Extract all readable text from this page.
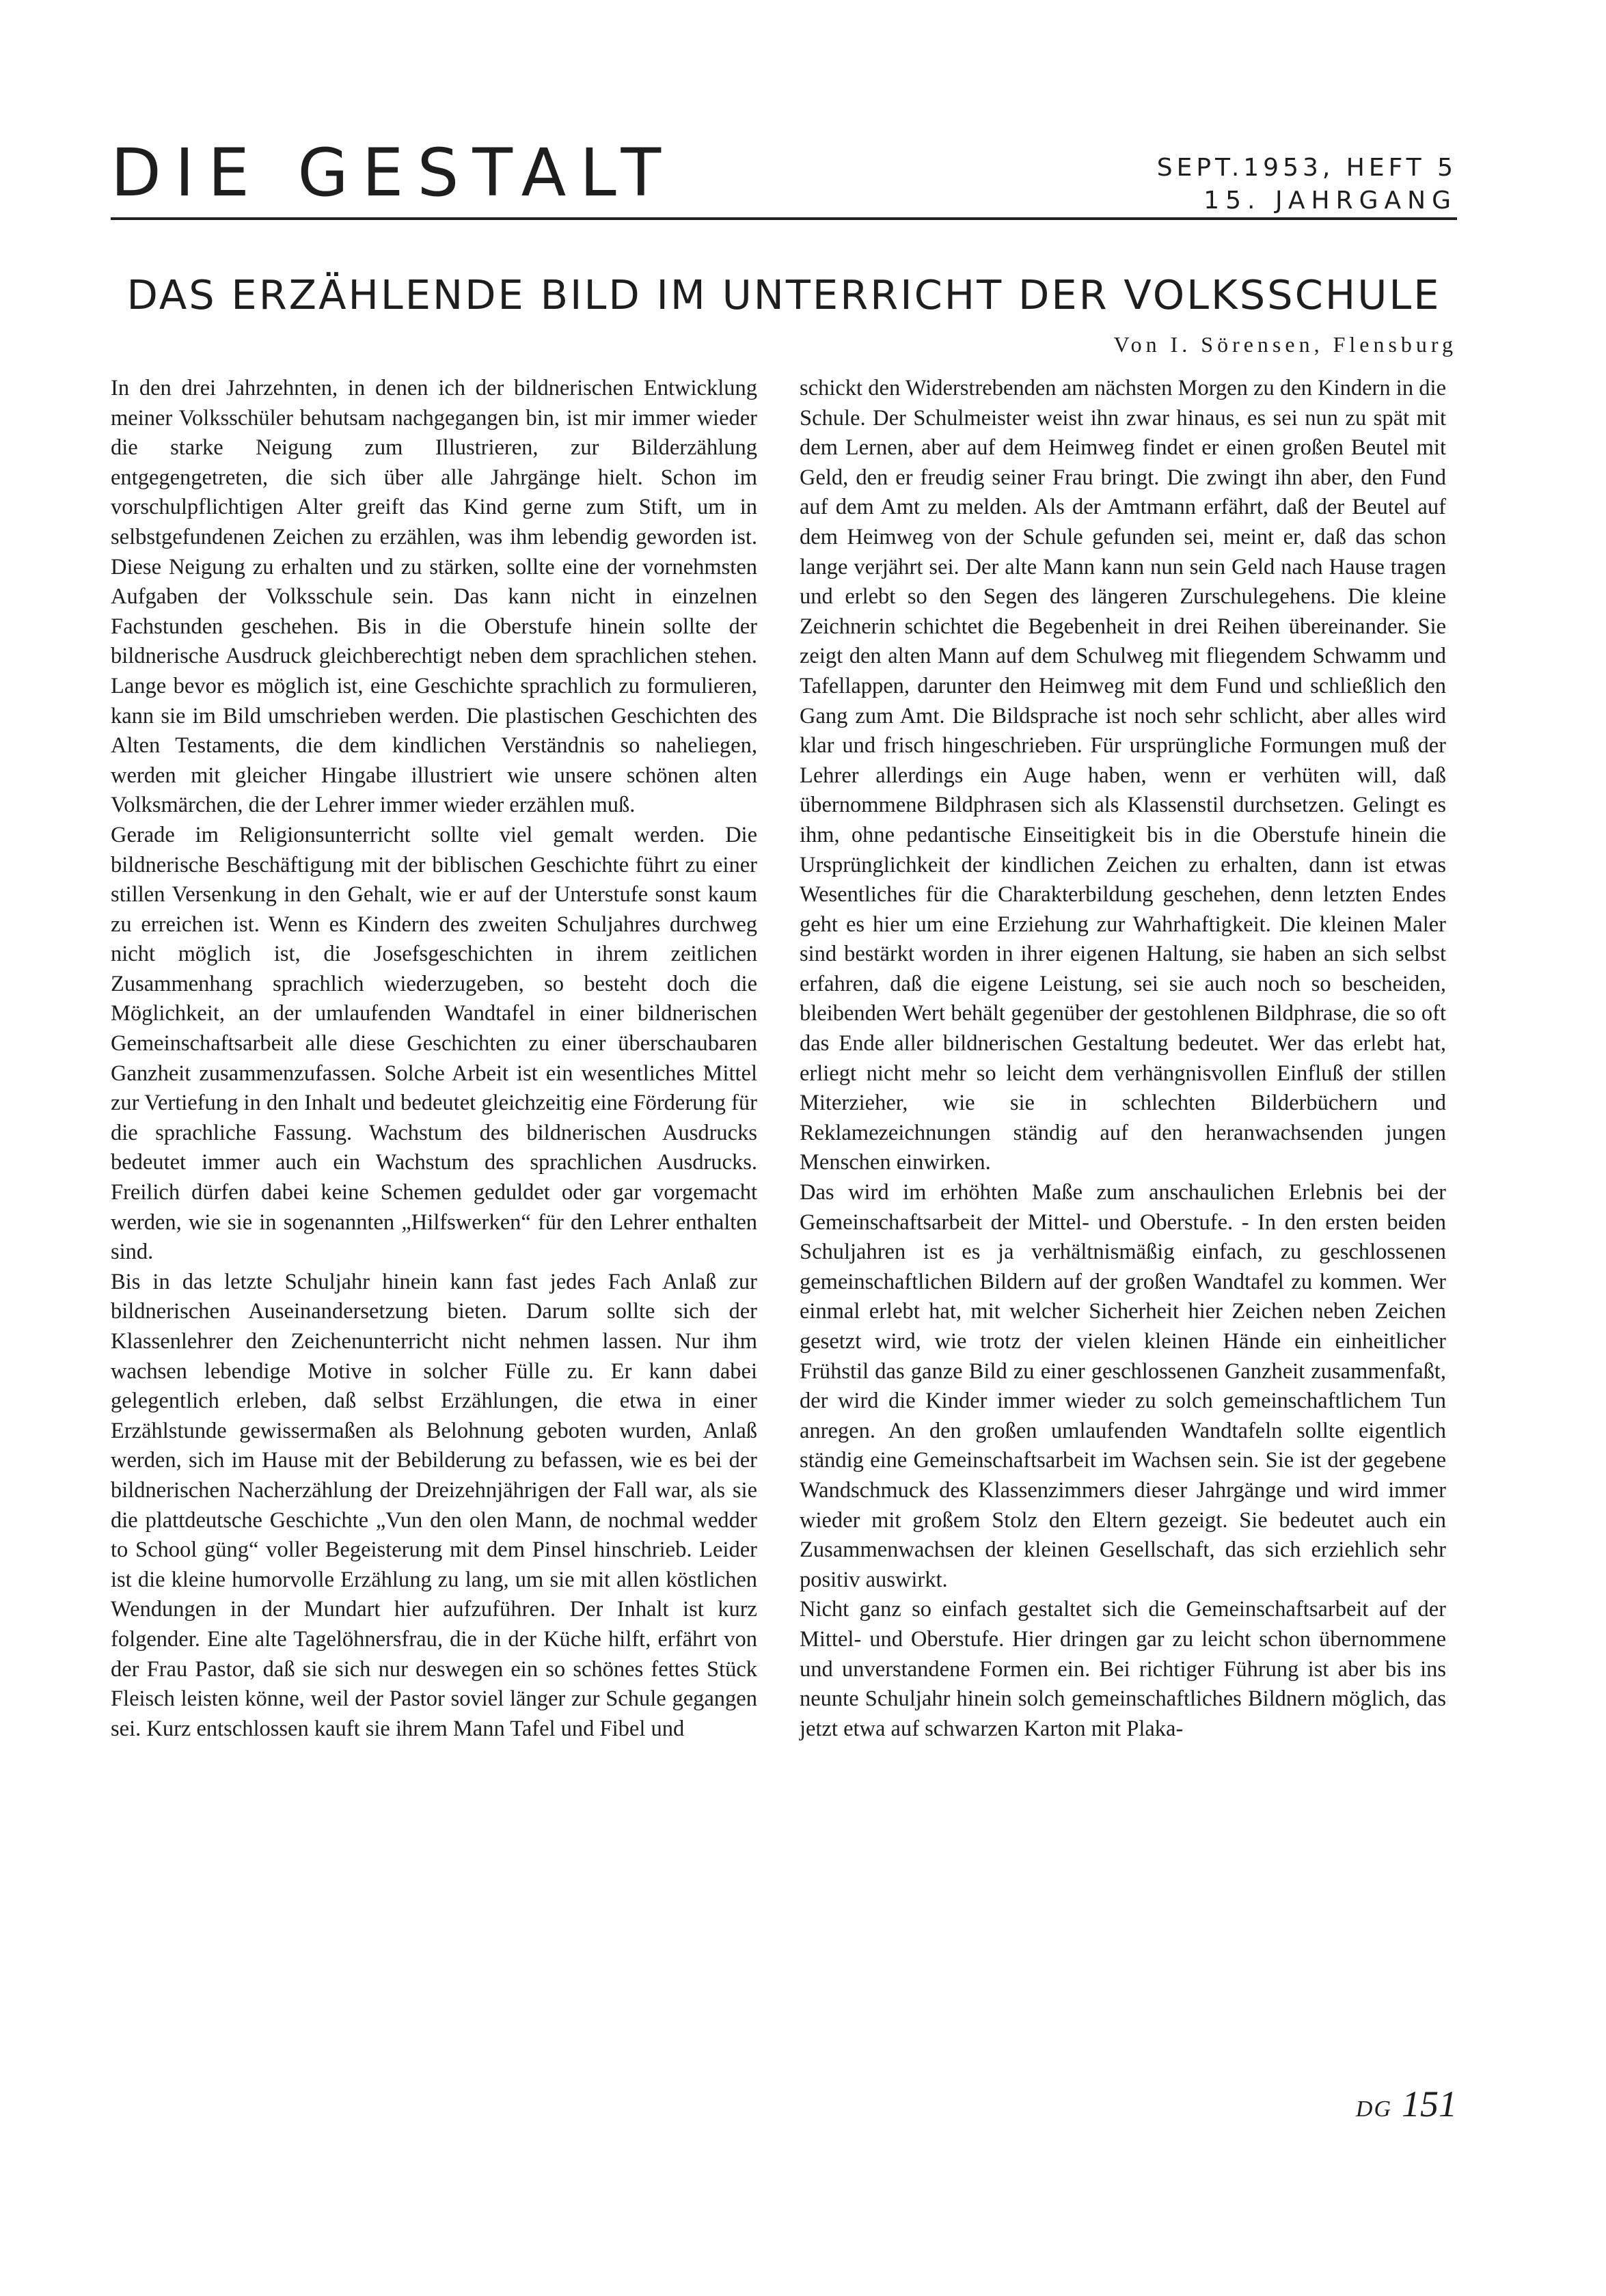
DIE GESTALT	SEPT.1953, HEFT 5
15. JAHRGANG
DAS ERZÄHLENDE BILD IM UNTERRICHT DER VOLKSSCHULE
Von I. Sörensen, Flensburg

In den drei Jahrzehnten, in denen ich der bildnerischen Entwicklung meiner Volksschüler behutsam nachgegangen bin, ist mir immer wieder die starke Neigung zum Illustrieren, zur Bilderzählung entgegengetreten, die sich über alle Jahrgänge hielt. Schon im vorschulpflichtigen Alter greift das Kind gerne zum Stift, um in selbstgefundenen Zeichen zu erzählen, was ihm lebendig geworden ist. Diese Neigung zu erhalten und zu stärken, sollte eine der vornehmsten Aufgaben der Volksschule sein. Das kann nicht in einzelnen Fachstunden geschehen. Bis in die Oberstufe hinein sollte der bildnerische Ausdruck gleichberechtigt neben dem sprachlichen stehen. Lange bevor es möglich ist, eine Geschichte sprachlich zu formulieren, kann sie im Bild umschrieben werden. Die plastischen Geschichten des Alten Testaments, die dem kindlichen Verständnis so naheliegen, werden mit gleicher Hingabe illustriert wie unsere schönen alten Volksmärchen, die der Lehrer immer wieder erzählen muß.

Gerade im Religionsunterricht sollte viel gemalt werden. Die bildnerische Beschäftigung mit der biblischen Geschichte führt zu einer stillen Versenkung in den Gehalt, wie er auf der Unterstufe sonst kaum zu erreichen ist. Wenn es Kindern des zweiten Schuljahres durchweg nicht möglich ist, die Josefsgeschichten in ihrem zeitlichen Zusammenhang sprachlich wiederzugeben, so besteht doch die Möglichkeit, an der umlaufenden Wandtafel in einer bildnerischen Gemeinschaftsarbeit alle diese Geschichten zu einer überschaubaren Ganzheit zusammenzufassen. Solche Arbeit ist ein wesentliches Mittel zur Vertiefung in den Inhalt und bedeutet gleichzeitig eine Förderung für die sprachliche Fassung. Wachstum des bildnerischen Ausdrucks bedeutet immer auch ein Wachstum des sprachlichen Ausdrucks. Freilich dürfen dabei keine Schemen geduldet oder gar vorgemacht werden, wie sie in sogenannten „Hilfswerken“ für den Lehrer enthalten sind.

Bis in das letzte Schuljahr hinein kann fast jedes Fach Anlaß zur bildnerischen Auseinandersetzung bieten. Darum sollte sich der Klassenlehrer den Zeichenunterricht nicht nehmen lassen. Nur ihm wachsen lebendige Motive in solcher Fülle zu. Er kann dabei gelegentlich erleben, daß selbst Erzählungen, die etwa in einer Erzählstunde gewissermaßen als Belohnung geboten wurden, Anlaß werden, sich im Hause mit der Bebilderung zu befassen, wie es bei der bildnerischen Nacherzählung der Dreizehnjährigen der Fall war, als sie die plattdeutsche Geschichte „Vun den olen Mann, de nochmal wedder to School güng“ voller Begeisterung mit dem Pinsel hinschrieb. Leider ist die kleine humorvolle Erzählung zu lang, um sie mit allen köstlichen Wendungen in der Mundart hier aufzuführen. Der Inhalt ist kurz folgender. Eine alte Tagelöhnersfrau, die in der Küche hilft, erfährt von der Frau Pastor, daß sie sich nur deswegen ein so schönes fettes Stück Fleisch leisten könne, weil der Pastor soviel länger zur Schule gegangen sei. Kurz entschlossen kauft sie ihrem Mann Tafel und Fibel und

schickt den Widerstrebenden am nächsten Morgen zu den Kindern in die Schule. Der Schulmeister weist ihn zwar hinaus, es sei nun zu spät mit dem Lernen, aber auf dem Heimweg findet er einen großen Beutel mit Geld, den er freudig seiner Frau bringt. Die zwingt ihn aber, den Fund auf dem Amt zu melden. Als der Amtmann erfährt, daß der Beutel auf dem Heimweg von der Schule gefunden sei, meint er, daß das schon lange verjährt sei. Der alte Mann kann nun sein Geld nach Hause tragen und erlebt so den Segen des längeren Zurschulegehens. Die kleine Zeichnerin schichtet die Begebenheit in drei Reihen übereinander. Sie zeigt den alten Mann auf dem Schulweg mit fliegendem Schwamm und Tafellappen, darunter den Heimweg mit dem Fund und schließlich den Gang zum Amt. Die Bildsprache ist noch sehr schlicht, aber alles wird klar und frisch hingeschrieben. Für ursprüngliche Formungen muß der Lehrer allerdings ein Auge haben, wenn er verhüten will, daß übernommene Bildphrasen sich als Klassenstil durchsetzen. Gelingt es ihm, ohne pedantische Einseitigkeit bis in die Oberstufe hinein die Ursprünglichkeit der kindlichen Zeichen zu erhalten, dann ist etwas Wesentliches für die Charakterbildung geschehen, denn letzten Endes geht es hier um eine Erziehung zur Wahrhaftigkeit. Die kleinen Maler sind bestärkt worden in ihrer eigenen Haltung, sie haben an sich selbst erfahren, daß die eigene Leistung, sei sie auch noch so bescheiden, bleibenden Wert behält gegenüber der gestohlenen Bildphrase, die so oft das Ende aller bildnerischen Gestaltung bedeutet. Wer das erlebt hat, erliegt nicht mehr so leicht dem verhängnisvollen Einfluß der stillen Miterzieher, wie sie in schlechten Bilderbüchern und Reklamezeichnungen ständig auf den heranwachsenden jungen Menschen einwirken.

Das wird im erhöhten Maße zum anschaulichen Erlebnis bei der Gemeinschaftsarbeit der Mittel- und Oberstufe. - In den ersten beiden Schuljahren ist es ja verhältnismäßig einfach, zu geschlossenen gemeinschaftlichen Bildern auf der großen Wandtafel zu kommen. Wer einmal erlebt hat, mit welcher Sicherheit hier Zeichen neben Zeichen gesetzt wird, wie trotz der vielen kleinen Hände ein einheitlicher Frühstil das ganze Bild zu einer geschlossenen Ganzheit zusammenfaßt, der wird die Kinder immer wieder zu solch gemeinschaftlichem Tun anregen. An den großen umlaufenden Wandtafeln sollte eigentlich ständig eine Gemeinschaftsarbeit im Wachsen sein. Sie ist der gegebene Wandschmuck des Klassenzimmers dieser Jahrgänge und wird immer wieder mit großem Stolz den Eltern gezeigt. Sie bedeutet auch ein Zusammenwachsen der kleinen Gesellschaft, das sich erziehlich sehr positiv auswirkt.

Nicht ganz so einfach gestaltet sich die Gemeinschaftsarbeit auf der Mittel- und Oberstufe. Hier dringen gar zu leicht schon übernommene und unverstandene Formen ein. Bei richtiger Führung ist aber bis ins neunte Schuljahr hinein solch gemeinschaftliches Bildnern möglich, das jetzt etwa auf schwarzen Karton mit Plaka-

DG 151
